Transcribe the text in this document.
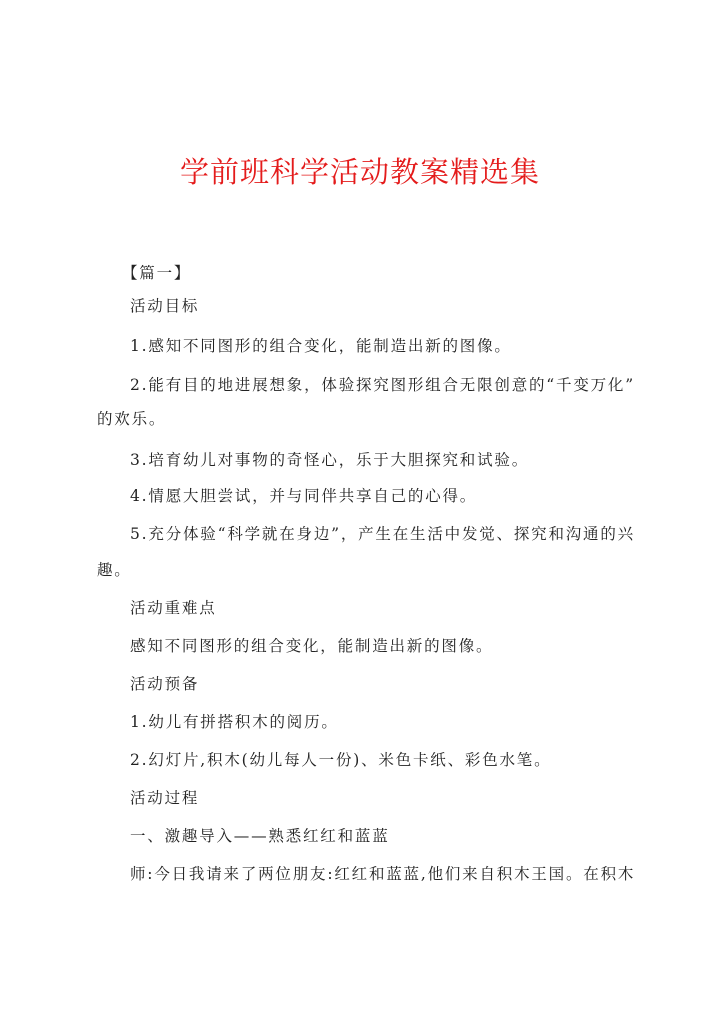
学前班科学活动教案精选集
【篇一】
活动目标
1.感知不同图形的组合变化，能制造出新的图像。
2.能有目的地进展想象，体验探究图形组合无限创意的“千变万化”
的欢乐。
3.培育幼儿对事物的奇怪心，乐于大胆探究和试验。
4.情愿大胆尝试，并与同伴共享自己的心得。
5.充分体验“科学就在身边”，产生在生活中发觉、探究和沟通的兴
趣。
活动重难点
感知不同图形的组合变化，能制造出新的图像。
活动预备
1.幼儿有拼搭积木的阅历。
2.幻灯片,积木(幼儿每人一份)、米色卡纸、彩色水笔。
活动过程
一、激趣导入——熟悉红红和蓝蓝
师:今日我请来了两位朋友:红红和蓝蓝,他们来自积木王国。在积木
